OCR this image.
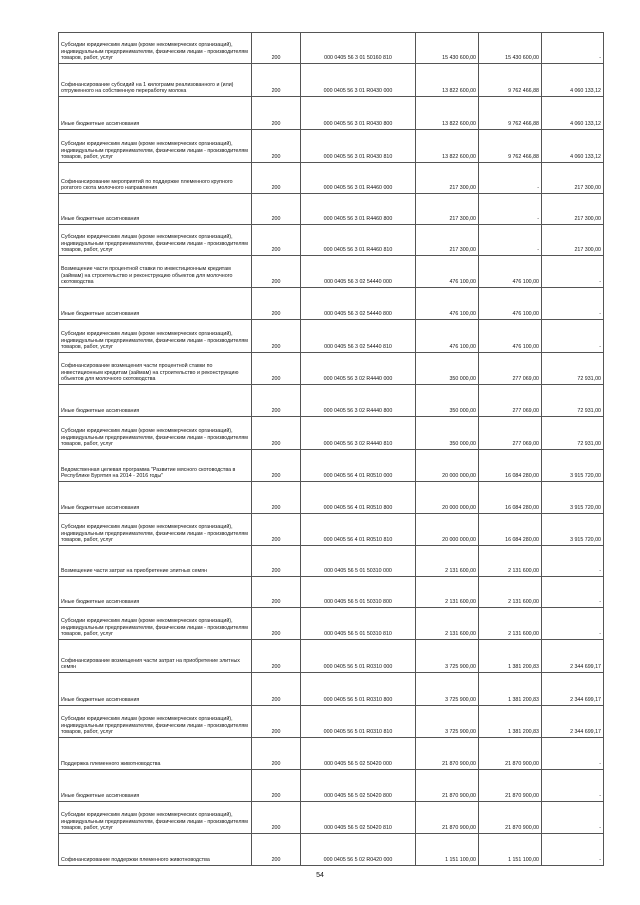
Субсидии юридическим лицам (кроме некоммерческих организаций), индивидуальным предпринимателям, физическим лицам - производителям товаров, работ, услуг	200	000 0405 56 3 01 50160 810	15 430 600,00	15 430 600,00	-
Софинансирование субсидий на 1 килограмм реализованного и (или) отгруженного на собственную переработку молока	200	000 0405 56 3 01 R0430 000	13 822 600,00	9 762 466,88	4 060 133,12
Иные бюджетные ассигнования	200	000 0405 56 3 01 R0430 800	13 822 600,00	9 762 466,88	4 060 133,12
Субсидии юридическим лицам (кроме некоммерческих организаций), индивидуальным предпринимателям, физическим лицам - производителям товаров, работ, услуг	200	000 0405 56 3 01 R0430 810	13 822 600,00	9 762 466,88	4 060 133,12
Софинансирование мероприятий по поддержке племенного крупного рогатого скота молочного направления	200	000 0405 56 3 01 R4460 000	217 300,00	-	217 300,00
Иные бюджетные ассигнования	200	000 0405 56 3 01 R4460 800	217 300,00	-	217 300,00
Субсидии юридическим лицам (кроме некоммерческих организаций), индивидуальным предпринимателям, физическим лицам - производителям товаров, работ, услуг	200	000 0405 56 3 01 R4460 810	217 300,00	-	217 300,00
Возмещение части процентной ставки по инвестиционным кредитам (займам) на строительство и реконструкцию объектов для молочного скотоводства	200	000 0405 56 3 02 54440 000	476 100,00	476 100,00	-
Иные бюджетные ассигнования	200	000 0405 56 3 02 54440 800	476 100,00	476 100,00	-
Субсидии юридическим лицам (кроме некоммерческих организаций), индивидуальным предпринимателям, физическим лицам - производителям товаров, работ, услуг	200	000 0405 56 3 02 54440 810	476 100,00	476 100,00	-
Софинансирование возмещения части процентной ставки по инвестиционным кредитам (займам) на строительство и реконструкцию объектов для молочного скотоводства	200	000 0405 56 3 02 R4440 000	350 000,00	277 069,00	72 931,00
Иные бюджетные ассигнования	200	000 0405 56 3 02 R4440 800	350 000,00	277 069,00	72 931,00
Субсидии юридическим лицам (кроме некоммерческих организаций), индивидуальным предпринимателям, физическим лицам - производителям товаров, работ, услуг	200	000 0405 56 3 02 R4440 810	350 000,00	277 069,00	72 931,00
Ведомственная целевая программа "Развитие мясного скотоводства в Республике Бурятия на 2014 - 2016 годы"	200	000 0405 56 4 01 R0510 000	20 000 000,00	16 084 280,00	3 915 720,00
Иные бюджетные ассигнования	200	000 0405 56 4 01 R0510 800	20 000 000,00	16 084 280,00	3 915 720,00
Субсидии юридическим лицам (кроме некоммерческих организаций), индивидуальным предпринимателям, физическим лицам - производителям товаров, работ, услуг	200	000 0405 56 4 01 R0510 810	20 000 000,00	16 084 280,00	3 915 720,00
Возмещение части затрат на приобретение элитных семян	200	000 0405 56 5 01 50310 000	2 131 600,00	2 131 600,00	-
Иные бюджетные ассигнования	200	000 0405 56 5 01 50310 800	2 131 600,00	2 131 600,00	-
Субсидии юридическим лицам (кроме некоммерческих организаций), индивидуальным предпринимателям, физическим лицам - производителям товаров, работ, услуг	200	000 0405 56 5 01 50310 810	2 131 600,00	2 131 600,00	-
Софинансирование возмещения части затрат на приобретение элитных семян	200	000 0405 56 5 01 R0310 000	3 725 900,00	1 381 200,83	2 344 699,17
Иные бюджетные ассигнования	200	000 0405 56 5 01 R0310 800	3 725 900,00	1 381 200,83	2 344 699,17
Субсидии юридическим лицам (кроме некоммерческих организаций), индивидуальным предпринимателям, физическим лицам - производителям товаров, работ, услуг	200	000 0405 56 5 01 R0310 810	3 725 900,00	1 381 200,83	2 344 699,17
Поддержка племенного животноводства	200	000 0405 56 5 02 50420 000	21 870 900,00	21 870 900,00	-
Иные бюджетные ассигнования	200	000 0405 56 5 02 50420 800	21 870 900,00	21 870 900,00	-
Субсидии юридическим лицам (кроме некоммерческих организаций), индивидуальным предпринимателям, физическим лицам - производителям товаров, работ, услуг	200	000 0405 56 5 02 50420 810	21 870 900,00	21 870 900,00	-
Софинансирование поддержки племенного животноводства	200	000 0405 56 5 02 R0420 000	1 151 100,00	1 151 100,00	-
54
